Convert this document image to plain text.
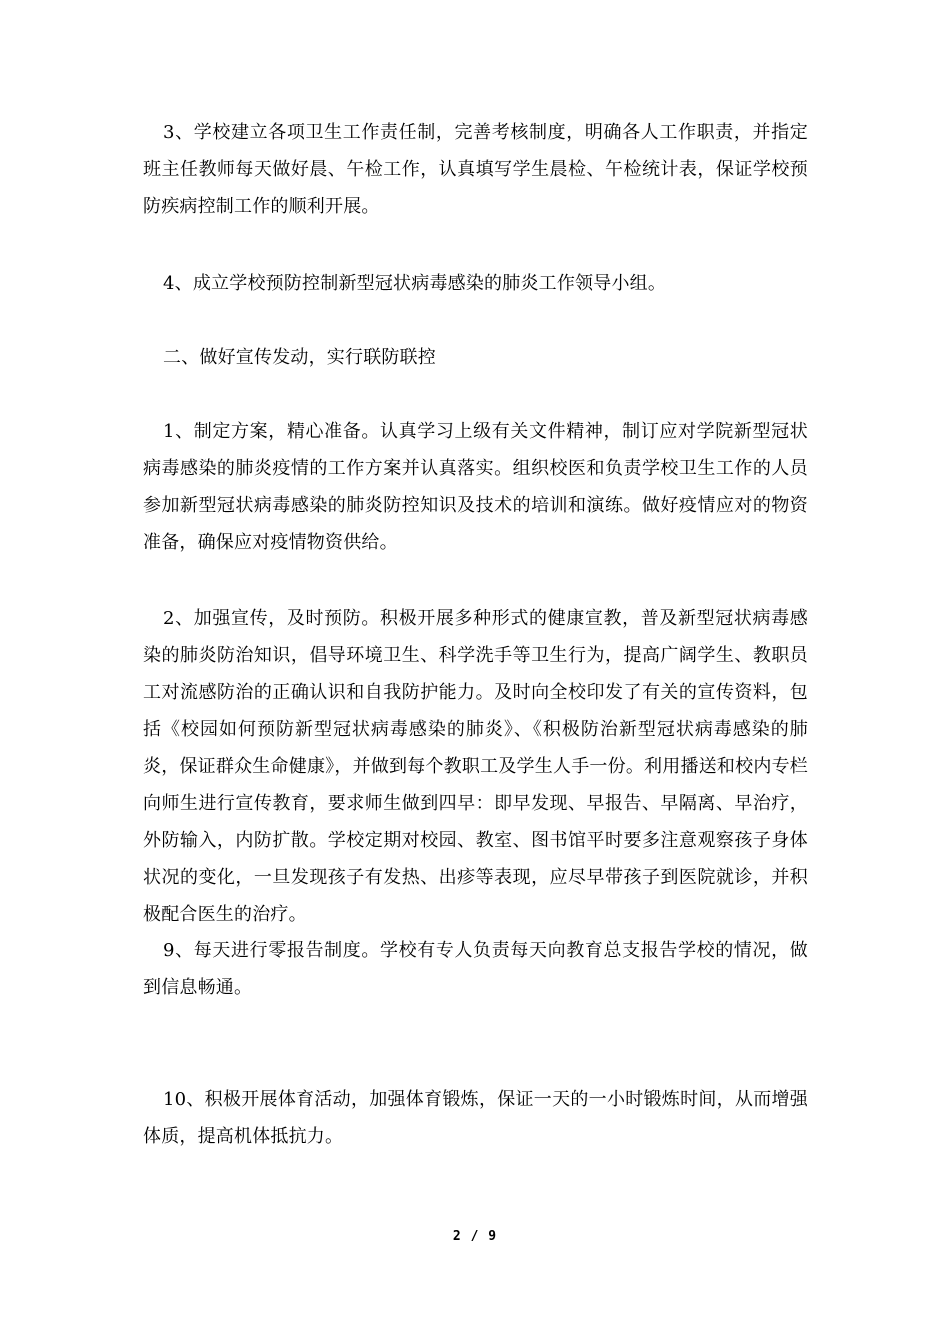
3、学校建立各项卫生工作责任制，完善考核制度，明确各人工作职责，并指定班主任教师每天做好晨、午检工作，认真填写学生晨检、午检统计表，保证学校预防疾病控制工作的顺利开展。

4、成立学校预防控制新型冠状病毒感染的肺炎工作领导小组。

二、做好宣传发动，实行联防联控

1、制定方案，精心准备。认真学习上级有关文件精神，制订应对学院新型冠状病毒感染的肺炎疫情的工作方案并认真落实。组织校医和负责学校卫生工作的人员参加新型冠状病毒感染的肺炎防控知识及技术的培训和演练。做好疫情应对的物资准备，确保应对疫情物资供给。

2、加强宣传，及时预防。积极开展多种形式的健康宣教，普及新型冠状病毒感染的肺炎防治知识，倡导环境卫生、科学洗手等卫生行为，提高广阔学生、教职员工对流感防治的正确认识和自我防护能力。及时向全校印发了有关的宣传资料，包括《校园如何预防新型冠状病毒感染的肺炎》、《积极防治新型冠状病毒感染的肺炎，保证群众生命健康》，并做到每个教职工及学生人手一份。利用播送和校内专栏向师生进行宣传教育，要求师生做到四早：即早发现、早报告、早隔离、早治疗，外防输入，内防扩散。学校定期对校园、教室、图书馆平时要多注意观察孩子身体状况的变化，一旦发现孩子有发热、出疹等表现，应尽早带孩子到医院就诊，并积极配合医生的治疗。

9、每天进行零报告制度。学校有专人负责每天向教育总支报告学校的情况，做到信息畅通。

10、积极开展体育活动，加强体育锻炼，保证一天的一小时锻炼时间，从而增强体质，提高机体抵抗力。

2 / 9
